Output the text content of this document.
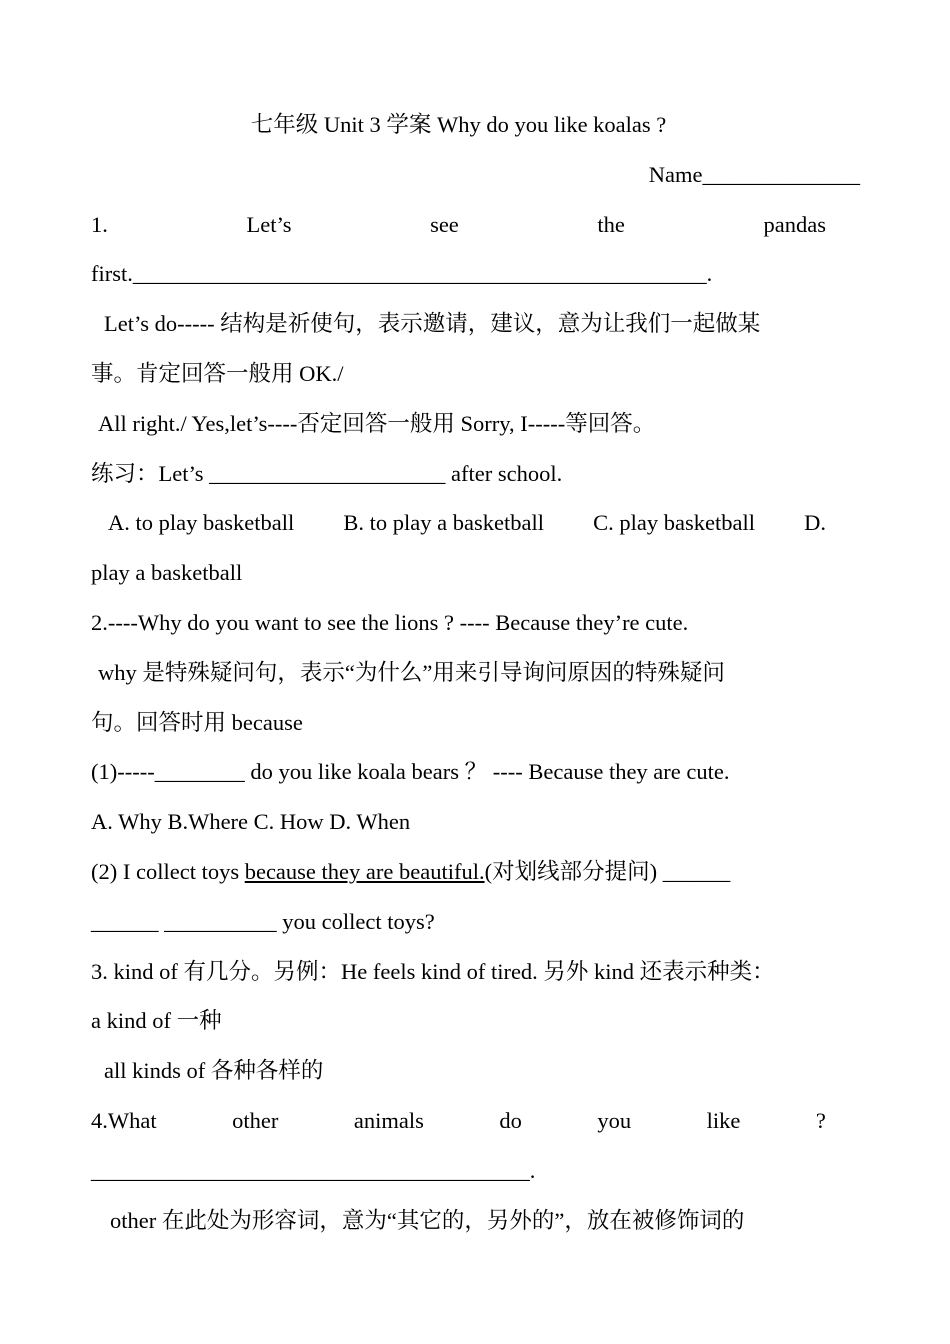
七年级 Unit 3 学案 Why do you like koalas ?
Name______________
1.	Let’s	see	the	pandas
first.___________________________________________________.
Let’s do----- 结构是祈使句，表示邀请，建议，意为让我们一起做某
事。肯定回答一般用 OK./
All right./ Yes,let’s----否定回答一般用 Sorry, I-----等回答。
练习：Let’s _____________________ after school.
A. to play basketball B. to play a basketball C. play basketball D.
play a basketball
2.----Why do you want to see the lions ? ---- Because they’re cute.
why 是特殊疑问句，表示“为什么”用来引导询问原因的特殊疑问
句。回答时用 because
(1)-----________ do you like koala bears ？ ---- Because they are cute.
A. Why B.Where C. How D. When
(2) I collect toys because they are beautiful.(对划线部分提问) ______
______ __________ you collect toys?
3. kind of 有几分。另例：He feels kind of tired. 另外 kind 还表示种类：
a kind of 一种
all kinds of 各种各样的
4.What	other	animals	do	you	like	?
_______________________________________.
other 在此处为形容词，意为“其它的，另外的”，放在被修饰词的
